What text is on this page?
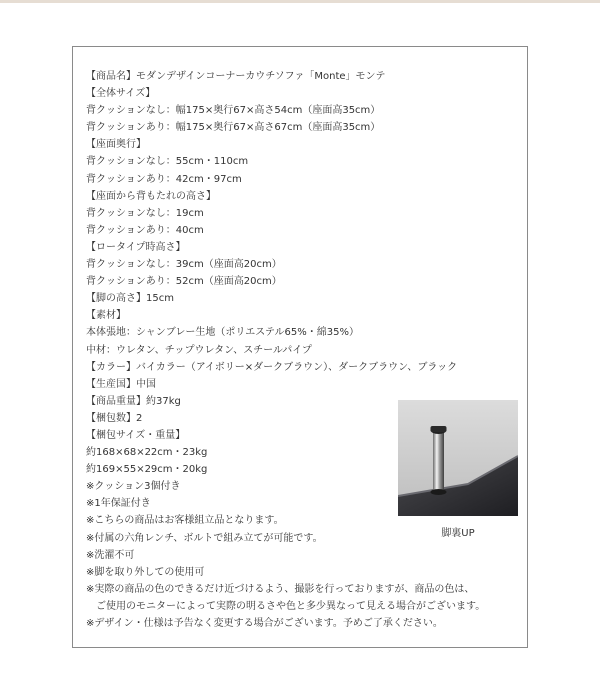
【商品名】モダンデザインコーナーカウチソファ「Monte」モンテ
【全体サイズ】
背クッションなし：幅175×奥行67×高さ54cm（座面高35cm）
背クッションあり：幅175×奥行67×高さ67cm（座面高35cm）
【座面奥行】
背クッションなし：55cm・110cm
背クッションあり：42cm・97cm
【座面から背もたれの高さ】
背クッションなし：19cm
背クッションあり：40cm
【ロータイプ時高さ】
背クッションなし：39cm（座面高20cm）
背クッションあり：52cm（座面高20cm）
【脚の高さ】15cm
【素材】
本体張地：シャンブレー生地（ポリエステル65%・綿35%）
中材：ウレタン、チップウレタン、スチールパイプ
【カラー】バイカラー（アイボリー×ダークブラウン）、ダークブラウン、ブラック
【生産国】中国
【商品重量】約37kg
【梱包数】2
【梱包サイズ・重量】
約168×68×22cm・23kg
約169×55×29cm・20kg
※クッション3個付き
※1年保証付き
※こちらの商品はお客様組立品となります。
※付属の六角レンチ、ボルトで組み立てが可能です。
※洗濯不可
※脚を取り外しての使用可
※実際の商品の色のできるだけ近づけるよう、撮影を行っておりますが、商品の色は、
　ご使用のモニターによって実際の明るさや色と多少異なって見える場合がございます。
※デザイン・仕様は予告なく変更する場合がございます。予めご了承ください。
脚裏UP
